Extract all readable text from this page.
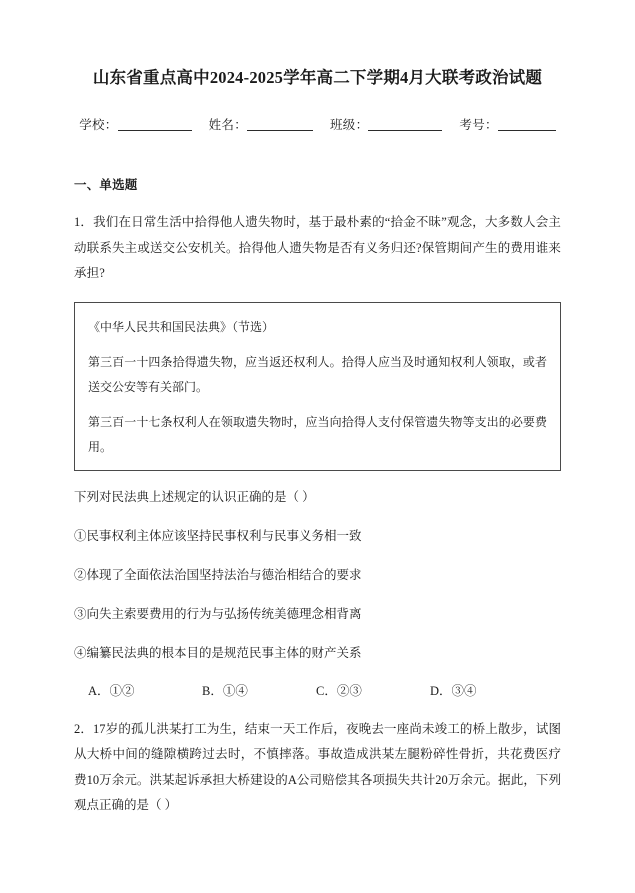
山东省重点高中2024-2025学年高二下学期4月大联考政治试题
学校：	姓名：	班级：	考号：
一、单选题
1．我们在日常生活中拾得他人遗失物时，基于最朴素的“拾金不昧”观念，大多数人会主动联系失主或送交公安机关。拾得他人遗失物是否有义务归还?保管期间产生的费用谁来承担?

《中华人民共和国民法典》（节选）

第三百一十四条拾得遗失物，应当返还权利人。拾得人应当及时通知权利人领取，或者送交公安等有关部门。

第三百一十七条权利人在领取遗失物时，应当向拾得人支付保管遗失物等支出的必要费用。

下列对民法典上述规定的认识正确的是（ ）
①民事权利主体应该坚持民事权利与民事义务相一致
②体现了全面依法治国坚持法治与德治相结合的要求
③向失主索要费用的行为与弘扬传统美德理念相背离
④编纂民法典的根本目的是规范民事主体的财产关系
A．①②	B．①④	C．②③	D．③④
2．17岁的孤儿洪某打工为生，结束一天工作后，夜晚去一座尚未竣工的桥上散步，试图从大桥中间的缝隙横跨过去时，不慎摔落。事故造成洪某左腿粉碎性骨折，共花费医疗费10万余元。洪某起诉承担大桥建设的A公司赔偿其各项损失共计20万余元。据此，下列观点正确的是（ ）
